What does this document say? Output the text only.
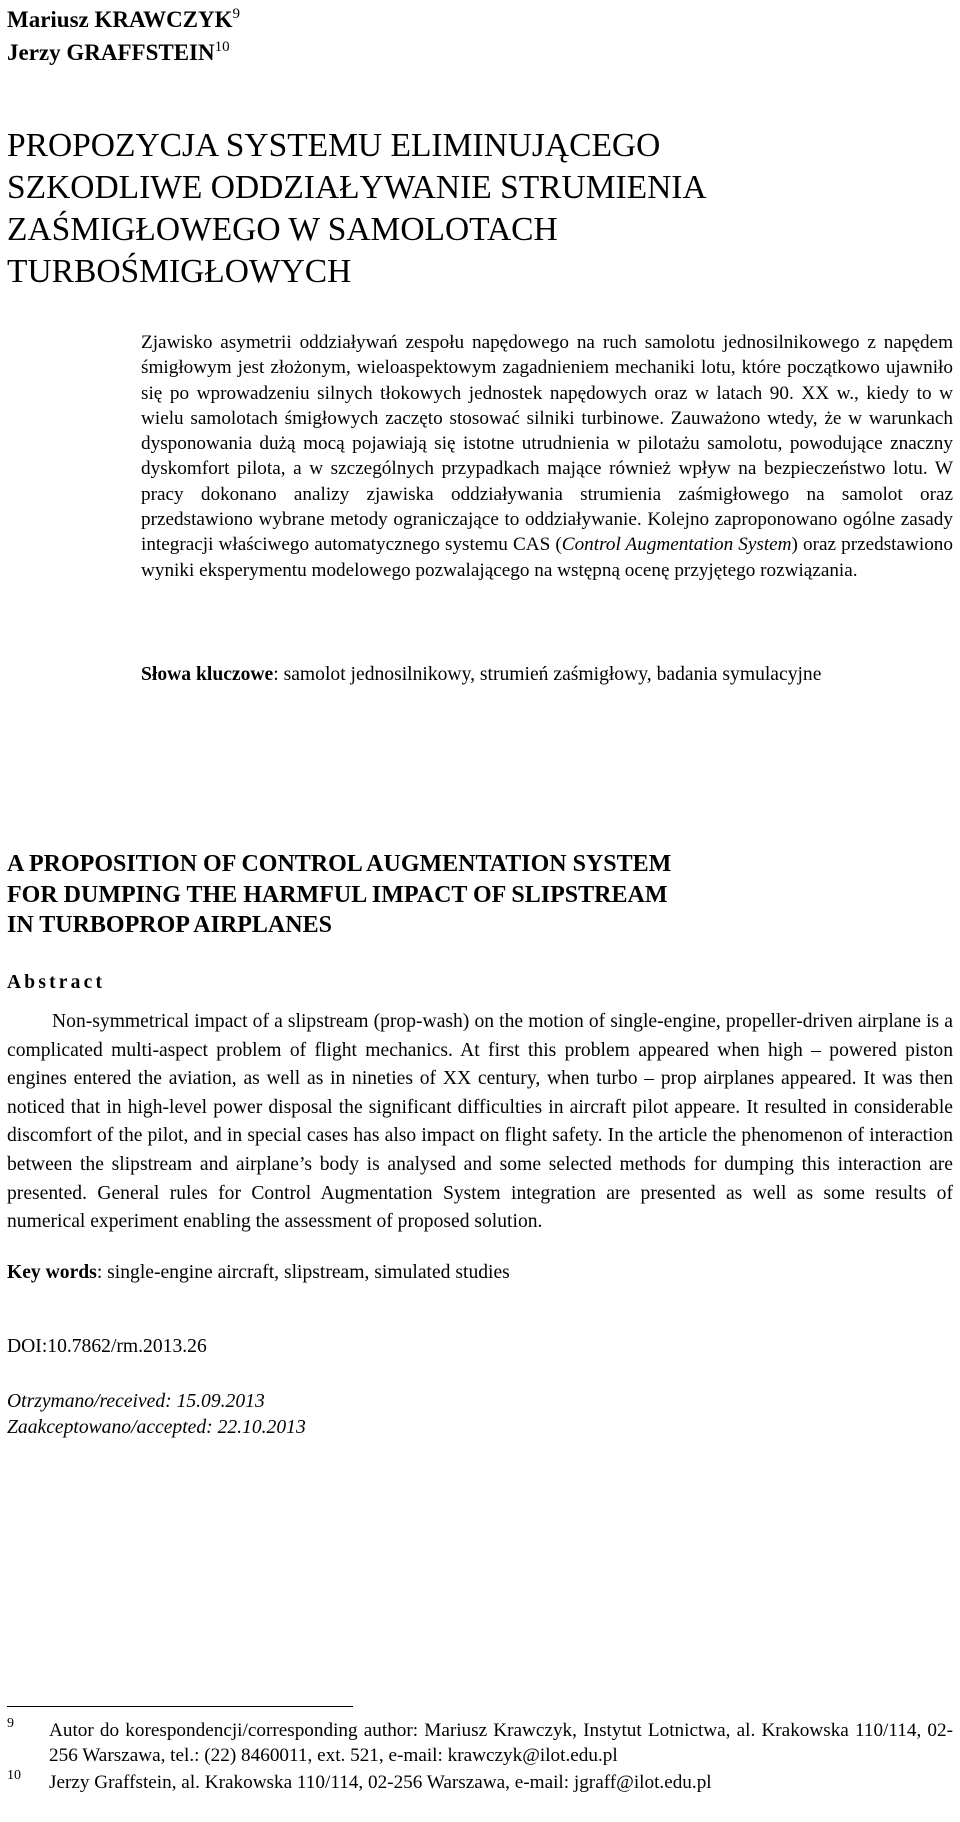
Mariusz KRAWCZYK$^9$
Jerzy GRAFFSTEIN$^{10}$
PROPOZYCJA SYSTEMU ELIMINUJĄCEGO
SZKODLIWE ODDZIAŁYWANIE STRUMIENIA
ZAŚMIGŁOWEGO W SAMOLOTACH
TURBOŚMIGŁOWYCH
Zjawisko asymetrii oddziaływań zespołu napędowego na ruch samolotu jednosilnikowego z napędem śmigłowym jest złożonym, wieloaspektowym zagadnieniem mechaniki lotu, które początkowo ujawniło się po wprowadzeniu silnych tłokowych jednostek napędowych oraz w latach 90. XX w., kiedy to w wielu samolotach śmigłowych zaczęto stosować silniki turbinowe. Zauważono wtedy, że w warunkach dysponowania dużą mocą pojawiają się istotne utrudnienia w pilotażu samolotu, powodujące znaczny dyskomfort pilota, a w szczególnych przypadkach mające również wpływ na bezpieczeństwo lotu. W pracy dokonano analizy zjawiska oddziaływania strumienia zaśmigłowego na samolot oraz przedstawiono wybrane metody ograniczające to oddziaływanie. Kolejno zaproponowano ogólne zasady integracji właściwego automatycznego systemu CAS (Control Augmentation System) oraz przedstawiono wyniki eksperymentu modelowego pozwalającego na wstępną ocenę przyjętego rozwiązania.
Słowa kluczowe: samolot jednosilnikowy, strumień zaśmigłowy, badania symulacyjne
A PROPOSITION OF CONTROL AUGMENTATION SYSTEM
FOR DUMPING THE HARMFUL IMPACT OF SLIPSTREAM
IN TURBOPROP AIRPLANES
Abstract
Non-symmetrical impact of a slipstream (prop-wash) on the motion of single-engine, propeller-driven airplane is a complicated multi-aspect problem of flight mechanics. At first this problem appeared when high – powered piston engines entered the aviation, as well as in nineties of XX century, when turbo – prop airplanes appeared. It was then noticed that in high-level power disposal the significant difficulties in aircraft pilot appeare. It resulted in considerable discomfort of the pilot, and in special cases has also impact on flight safety. In the article the phenomenon of interaction between the slipstream and airplane’s body is analysed and some selected methods for dumping this interaction are presented. General rules for Control Augmentation System integration are presented as well as some results of numerical experiment enabling the assessment of proposed solution.
Key words: single-engine aircraft, slipstream, simulated studies
DOI:10.7862/rm.2013.26
Otrzymano/received: 15.09.2013
Zaakceptowano/accepted: 22.10.2013
9 Autor do korespondencji/corresponding author: Mariusz Krawczyk, Instytut Lotnictwa, al. Krakowska 110/114, 02-256 Warszawa, tel.: (22) 8460011, ext. 521, e-mail: krawczyk@ilot.edu.pl
10 Jerzy Graffstein, al. Krakowska 110/114, 02-256 Warszawa, e-mail: jgraff@ilot.edu.pl
